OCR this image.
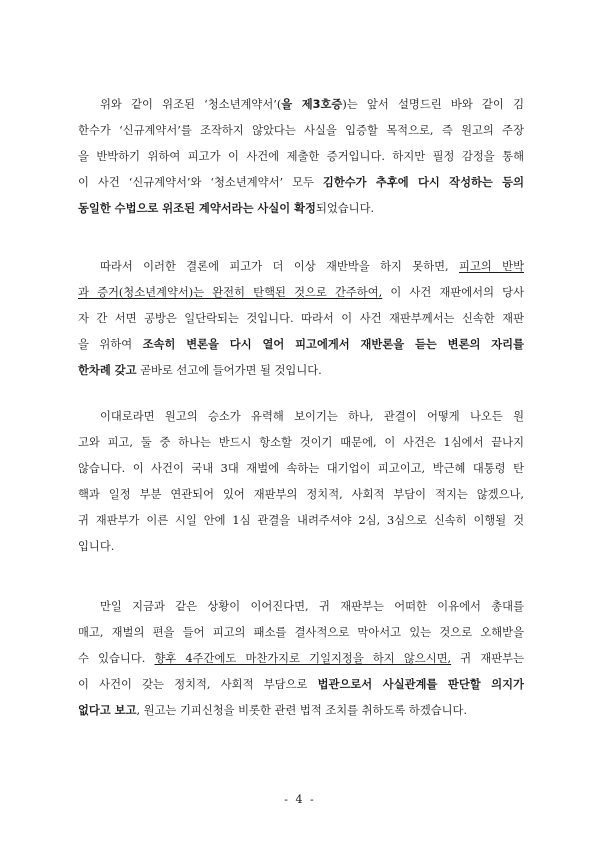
위와 같이 위조된 ‘청소년계약서’(을 제3호증)는 앞서 설명드린 바와 같이 김
한수가 ‘신규계약서’를 조작하지 않았다는 사실을 입증할 목적으로, 즉 원고의 주장
을 반박하기 위하여 피고가 이 사건에 제출한 증거입니다. 하지만 필정 감정을 통해
이 사건 ‘신규계약서’와 ‘청소년계약서’ 모두 김한수가 추후에 다시 작성하는 등의
동일한 수법으로 위조된 계약서라는 사실이 확정되었습니다.
따라서 이러한 결론에 피고가 더 이상 재반박을 하지 못하면, 피고의 반박
과 증거(청소년계약서)는 완전히 탄핵된 것으로 간주하여, 이 사건 재판에서의 당사
자 간 서면 공방은 일단락되는 것입니다. 따라서 이 사건 재판부께서는 신속한 재판
을 위하여 조속히 변론을 다시 열어 피고에게서 재반론을 듣는 변론의 자리를
한차례 갖고 곧바로 선고에 들어가면 될 것입니다.
이대로라면 원고의 승소가 유력해 보이기는 하나, 관결이 어떻게 나오든 원
고와 피고, 둘 중 하나는 반드시 항소할 것이기 때문에, 이 사건은 1심에서 끝나지
않습니다. 이 사건이 국내 3대 재벌에 속하는 대기업이 피고이고, 박근혜 대통령 탄
핵과 일정 부분 연관되어 있어 재판부의 정치적, 사회적 부담이 적지는 않겠으나,
귀 재판부가 이른 시일 안에 1심 관결을 내려주셔야 2심, 3심으로 신속히 이행될 것
입니다.
만일 지금과 같은 상황이 이어진다면, 귀 재판부는 어떠한 이유에서 총대를
매고, 재벌의 편을 들어 피고의 패소를 결사적으로 막아서고 있는 것으로 오해받을
수 있습니다. 향후 4주간에도 마찬가지로 기일지정을 하지 않으시면, 귀 재판부는
이 사건이 갖는 정치적, 사회적 부담으로 법관으로서 사실관계를 판단할 의지가
없다고 보고, 원고는 기피신청을 비롯한 관련 법적 조치를 취하도록 하겠습니다.
- 4 -
